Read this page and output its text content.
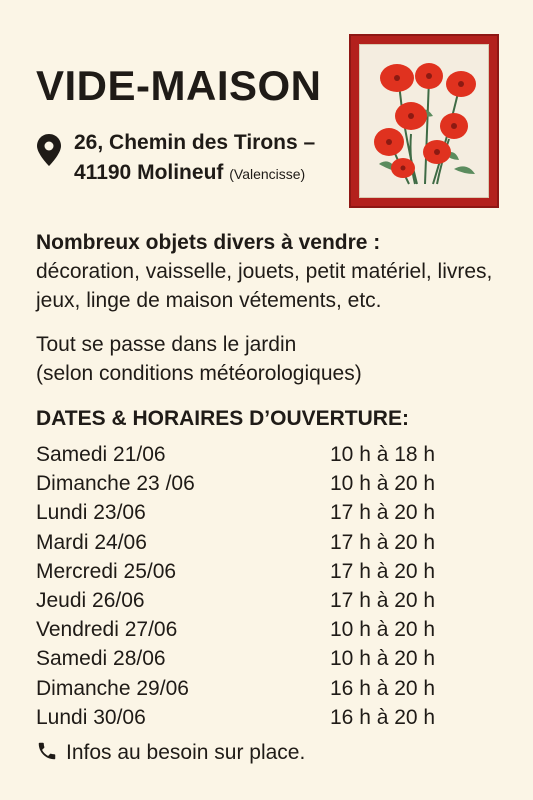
VIDE-MAISON
26, Chemin des Tirons –
41190 Molineuf (Valencisse)
Nombreux objets divers à vendre :
décoration, vaisselle, jouets, petit matériel, livres, jeux, linge de maison vétements, etc.
Tout se passe dans le jardin
(selon conditions météorologiques)
DATES & HORAIRES D’OUVERTURE:
Samedi 21/06	10 h à 18 h
Dimanche 23 /06	10 h à 20 h
Lundi 23/06	17 h à 20 h
Mardi 24/06	17 h à 20 h
Mercredi 25/06	17 h à 20 h
Jeudi 26/06	17 h à 20 h
Vendredi 27/06	10 h à 20 h
Samedi 28/06	10 h à 20 h
Dimanche 29/06	16 h à 20 h
Lundi 30/06	16 h à 20 h
Infos au besoin sur place.
